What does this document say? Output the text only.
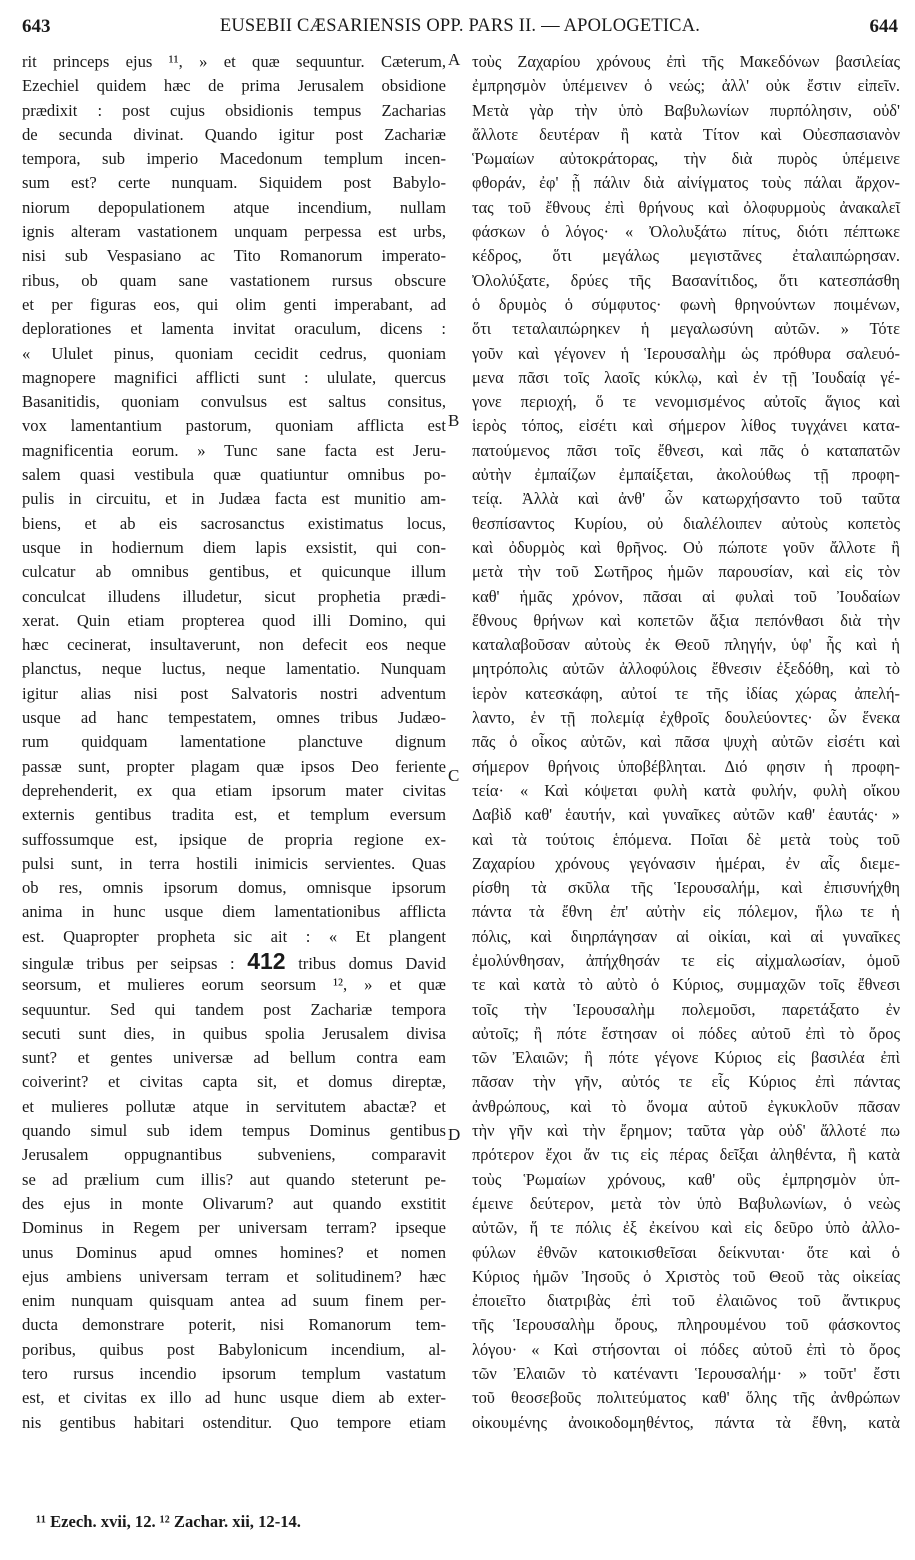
643	EUSEBII CÆSARIENSIS OPP. PARS II. — APOLOGETICA.	644
rit princeps ejus ¹¹, » et quæ sequuntur. Cæterum,
Ezechiel quidem hæc de prima Jerusalem obsidione
prædixit : post cujus obsidionis tempus Zacharias
de secunda divinat. Quando igitur post Zachariæ
tempora, sub imperio Macedonum templum incen-
sum est? certe nunquam. Siquidem post Babylo-
niorum depopulationem atque incendium, nullam
ignis alteram vastationem unquam perpessa est urbs,
nisi sub Vespasiano ac Tito Romanorum imperato-
ribus, ob quam sane vastationem rursus obscure
et per figuras eos, qui olim genti imperabant, ad
deplorationes et lamenta invitat oraculum, dicens :
« Ululet pinus, quoniam cecidit cedrus, quoniam
magnopere magnifici afflicti sunt : ululate, quercus
Basanitidis, quoniam convulsus est saltus consitus,
vox lamentantium pastorum, quoniam afflicta est
magnificentia eorum. » Tunc sane facta est Jeru-
salem quasi vestibula quæ quatiuntur omnibus po-
pulis in circuitu, et in Judæa facta est munitio am-
biens, et ab eis sacrosanctus existimatus locus,
usque in hodiernum diem lapis exsistit, qui con-
culcatur ab omnibus gentibus, et quicunque illum
conculcat illudens illudetur, sicut prophetia prædi-
xerat. Quin etiam propterea quod illi Domino, qui
hæc cecinerat, insultaverunt, non defecit eos neque
planctus, neque luctus, neque lamentatio. Nunquam
igitur alias nisi post Salvatoris nostri adventum
usque ad hanc tempestatem, omnes tribus Judæo-
rum quidquam lamentatione planctuve dignum
passæ sunt, propter plagam quæ ipsos Deo feriente
deprehenderit, ex qua etiam ipsorum mater civitas
externis gentibus tradita est, et templum eversum
suffossumque est, ipsique de propria regione ex-
pulsi sunt, in terra hostili inimicis servientes. Quas
ob res, omnis ipsorum domus, omnisque ipsorum
anima in hunc usque diem lamentationibus afflicta
est. Quapropter propheta sic ait : « Et plangent
singulæ tribus per seipsas : 412 tribus domus David
seorsum, et mulieres eorum seorsum ¹², » et quæ
sequuntur. Sed qui tandem post Zachariæ tempora
secuti sunt dies, in quibus spolia Jerusalem divisa
sunt? et gentes universæ ad bellum contra eam
coiverint? et civitas capta sit, et domus direptæ,
et mulieres pollutæ atque in servitutem abactæ? et
quando simul sub idem tempus Dominus gentibus
Jerusalem oppugnantibus subveniens, comparavit
se ad prælium cum illis? aut quando steterunt pe-
des ejus in monte Olivarum? aut quando exstitit
Dominus in Regem per universam terram? ipseque
unus Dominus apud omnes homines? et nomen
ejus ambiens universam terram et solitudinem? hæc
enim nunquam quisquam antea ad suum finem per-
ducta demonstrare poterit, nisi Romanorum tem-
poribus, quibus post Babylonicum incendium, al-
tero rursus incendio ipsorum templum vastatum
est, et civitas ex illo ad hunc usque diem ab exter-
nis gentibus habitari ostenditur. Quo tempore etiam
A
B
C
D
τοὺς Ζαχαρίου χρόνους ἐπὶ τῆς Μακεδόνων βασιλείας
ἐμπρησμὸν ὑπέμεινεν ὁ νεώς; ἀλλ' οὐκ ἔστιν εἰπεῖν.
Μετὰ γὰρ τὴν ὑπὸ Βαβυλωνίων πυρπόλησιν, οὐδ'
ἄλλοτε δευτέραν ἢ κατὰ Τίτον καὶ Οὐεσπασιανὸν
Ῥωμαίων αὐτοκράτορας, τὴν διὰ πυρὸς ὑπέμεινε
φθοράν, ἐφ' ᾗ πάλιν διὰ αἰνίγματος τοὺς πάλαι ἄρχον-
τας τοῦ ἔθνους ἐπὶ θρήνους καὶ ὀλοφυρμοὺς ἀνακαλεῖ
φάσκων ὁ λόγος· « Ὀλολυξάτω πίτυς, διότι πέπτωκε
κέδρος, ὅτι μεγάλως μεγιστᾶνες ἐταλαιπώρησαν.
Ὀλολύξατε, δρύες τῆς Βασανίτιδος, ὅτι κατεσπάσθη
ὁ δρυμὸς ὁ σύμφυτος· φωνὴ θρηνούντων ποιμένων,
ὅτι τεταλαιπώρηκεν ἡ μεγαλωσύνη αὐτῶν. » Τότε
γοῦν καὶ γέγονεν ἡ Ἱερουσαλὴμ ὡς πρόθυρα σαλευό-
μενα πᾶσι τοῖς λαοῖς κύκλῳ, καὶ ἐν τῇ Ἰουδαίᾳ γέ-
γονε περιοχή, ὅ τε νενομισμένος αὐτοῖς ἅγιος καὶ
ἱερὸς τόπος, εἰσέτι καὶ σήμερον λίθος τυγχάνει κατα-
πατούμενος πᾶσι τοῖς ἔθνεσι, καὶ πᾶς ὁ καταπατῶν
αὐτὴν ἐμπαίζων ἐμπαίξεται, ἀκολούθως τῇ προφη-
τείᾳ. Ἀλλὰ καὶ ἀνθ' ὧν κατωρχήσαντο τοῦ ταῦτα
θεσπίσαντος Κυρίου, οὐ διαλέλοιπεν αὐτοὺς κοπετὸς
καὶ ὀδυρμὸς καὶ θρῆνος. Οὐ πώποτε γοῦν ἄλλοτε ἢ
μετὰ τὴν τοῦ Σωτῆρος ἡμῶν παρουσίαν, καὶ εἰς τὸν
καθ' ἡμᾶς χρόνον, πᾶσαι αἱ φυλαὶ τοῦ Ἰουδαίων
ἔθνους θρήνων καὶ κοπετῶν ἄξια πεπόνθασι διὰ τὴν
καταλαβοῦσαν αὐτοὺς ἐκ Θεοῦ πληγήν, ὑφ' ἧς καὶ ἡ
μητρόπολις αὐτῶν ἀλλοφύλοις ἔθνεσιν ἐξεδόθη, καὶ τὸ
ἱερὸν κατεσκάφη, αὐτοί τε τῆς ἰδίας χώρας ἀπελή-
λαντο, ἐν τῇ πολεμίᾳ ἐχθροῖς δουλεύοντες· ὧν ἕνεκα
πᾶς ὁ οἶκος αὐτῶν, καὶ πᾶσα ψυχὴ αὐτῶν εἰσέτι καὶ
σήμερον θρήνοις ὑποβέβληται. Διό φησιν ἡ προφη-
τεία· « Καὶ κόψεται φυλὴ κατὰ φυλήν, φυλὴ οἴκου
Δαβὶδ καθ' ἑαυτήν, καὶ γυναῖκες αὐτῶν καθ' ἑαυτάς· »
καὶ τὰ τούτοις ἑπόμενα. Ποῖαι δὲ μετὰ τοὺς τοῦ
Ζαχαρίου χρόνους γεγόνασιν ἡμέραι, ἐν αἷς διεμε-
ρίσθη τὰ σκῦλα τῆς Ἱερουσαλήμ, καὶ ἐπισυνήχθη
πάντα τὰ ἔθνη ἐπ' αὐτὴν εἰς πόλεμον, ἥλω τε ἡ
πόλις, καὶ διηρπάγησαν αἱ οἰκίαι, καὶ αἱ γυναῖκες
ἐμολύνθησαν, ἀπήχθησάν τε εἰς αἰχμαλωσίαν, ὁμοῦ
τε καὶ κατὰ τὸ αὐτὸ ὁ Κύριος, συμμαχῶν τοῖς ἔθνεσι
τοῖς τὴν Ἱερουσαλὴμ πολεμοῦσι, παρετάξατο ἐν
αὐτοῖς; ἢ πότε ἔστησαν οἱ πόδες αὐτοῦ ἐπὶ τὸ ὄρος
τῶν Ἐλαιῶν; ἢ πότε γέγονε Κύριος εἰς βασιλέα ἐπὶ
πᾶσαν τὴν γῆν, αὐτός τε εἷς Κύριος ἐπὶ πάντας
ἀνθρώπους, καὶ τὸ ὄνομα αὐτοῦ ἐγκυκλοῦν πᾶσαν
τὴν γῆν καὶ τὴν ἔρημον; ταῦτα γὰρ οὐδ' ἄλλοτέ πω
πρότερον ἔχοι ἄν τις εἰς πέρας δεῖξαι ἀληθέντα, ἢ κατὰ
τοὺς Ῥωμαίων χρόνους, καθ' οὓς ἐμπρησμὸν ὑπ-
έμεινε δεύτερον, μετὰ τὸν ὑπὸ Βαβυλωνίων, ὁ νεὼς
αὐτῶν, ἥ τε πόλις ἐξ ἐκείνου καὶ εἰς δεῦρο ὑπὸ ἀλλο-
φύλων ἐθνῶν κατοικισθεῖσαι δείκνυται· ὅτε καὶ ὁ
Κύριος ἡμῶν Ἰησοῦς ὁ Χριστὸς τοῦ Θεοῦ τὰς οἰκείας
ἐποιεῖτο διατριβὰς ἐπὶ τοῦ ἐλαιῶνος τοῦ ἄντικρυς
τῆς Ἱερουσαλὴμ ὄρους, πληρουμένου τοῦ φάσκοντος
λόγου· « Καὶ στήσονται οἱ πόδες αὐτοῦ ἐπὶ τὸ ὄρος
τῶν Ἐλαιῶν τὸ κατέναντι Ἱερουσαλήμ· » τοῦτ' ἔστι
τοῦ θεοσεβοῦς πολιτεύματος καθ' ὅλης τῆς ἀνθρώπων
οἰκουμένης ἀνοικοδομηθέντος, πάντα τὰ ἔθνη, κατὰ
¹¹ Ezech. xvii, 12. ¹² Zachar. xii, 12-14.
